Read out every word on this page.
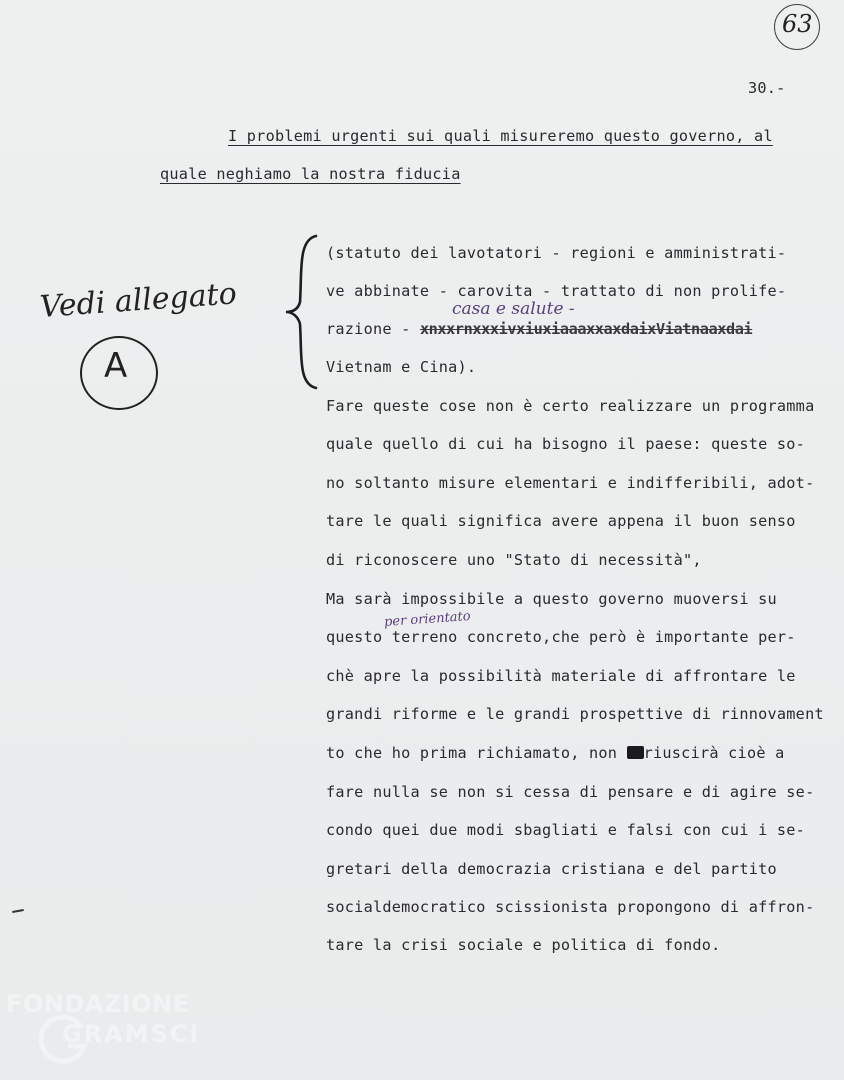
63
30.-
I problemi urgenti sui quali misureremo questo governo, al
quale neghiamo la nostra fiducia
Vedi allegato
A
(statuto dei lavotatori - regioni e amministrati-
ve abbinate - carovita - trattato di non prolife-
casa e salute -
razione - xnxxrnxxxivxiuxiaaaxxaxdaixViatnaaxdai
Vietnam e Cina).
Fare queste cose non è certo realizzare un programma
quale quello di cui ha bisogno il paese: queste so-
no soltanto misure elementari e indifferibili, adot-
tare le quali significa avere appena il buon senso
di riconoscere uno "Stato di necessità",
Ma sarà impossibile a questo governo muoversi su
per orientato
questo terreno concreto,che però è importante per-
chè apre la possibilità materiale di affrontare le
grandi riforme e le grandi prospettive di rinnovament
to che ho prima richiamato, non riuscirà cioè a
fare nulla se non si cessa di pensare e di agire se-
condo quei due modi sbagliati e falsi con cui i se-
gretari della democrazia cristiana e del partito
socialdemocratico scissionista propongono di affron-
tare la crisi sociale e politica di fondo.
FONDAZIONE
GRAMSCI
